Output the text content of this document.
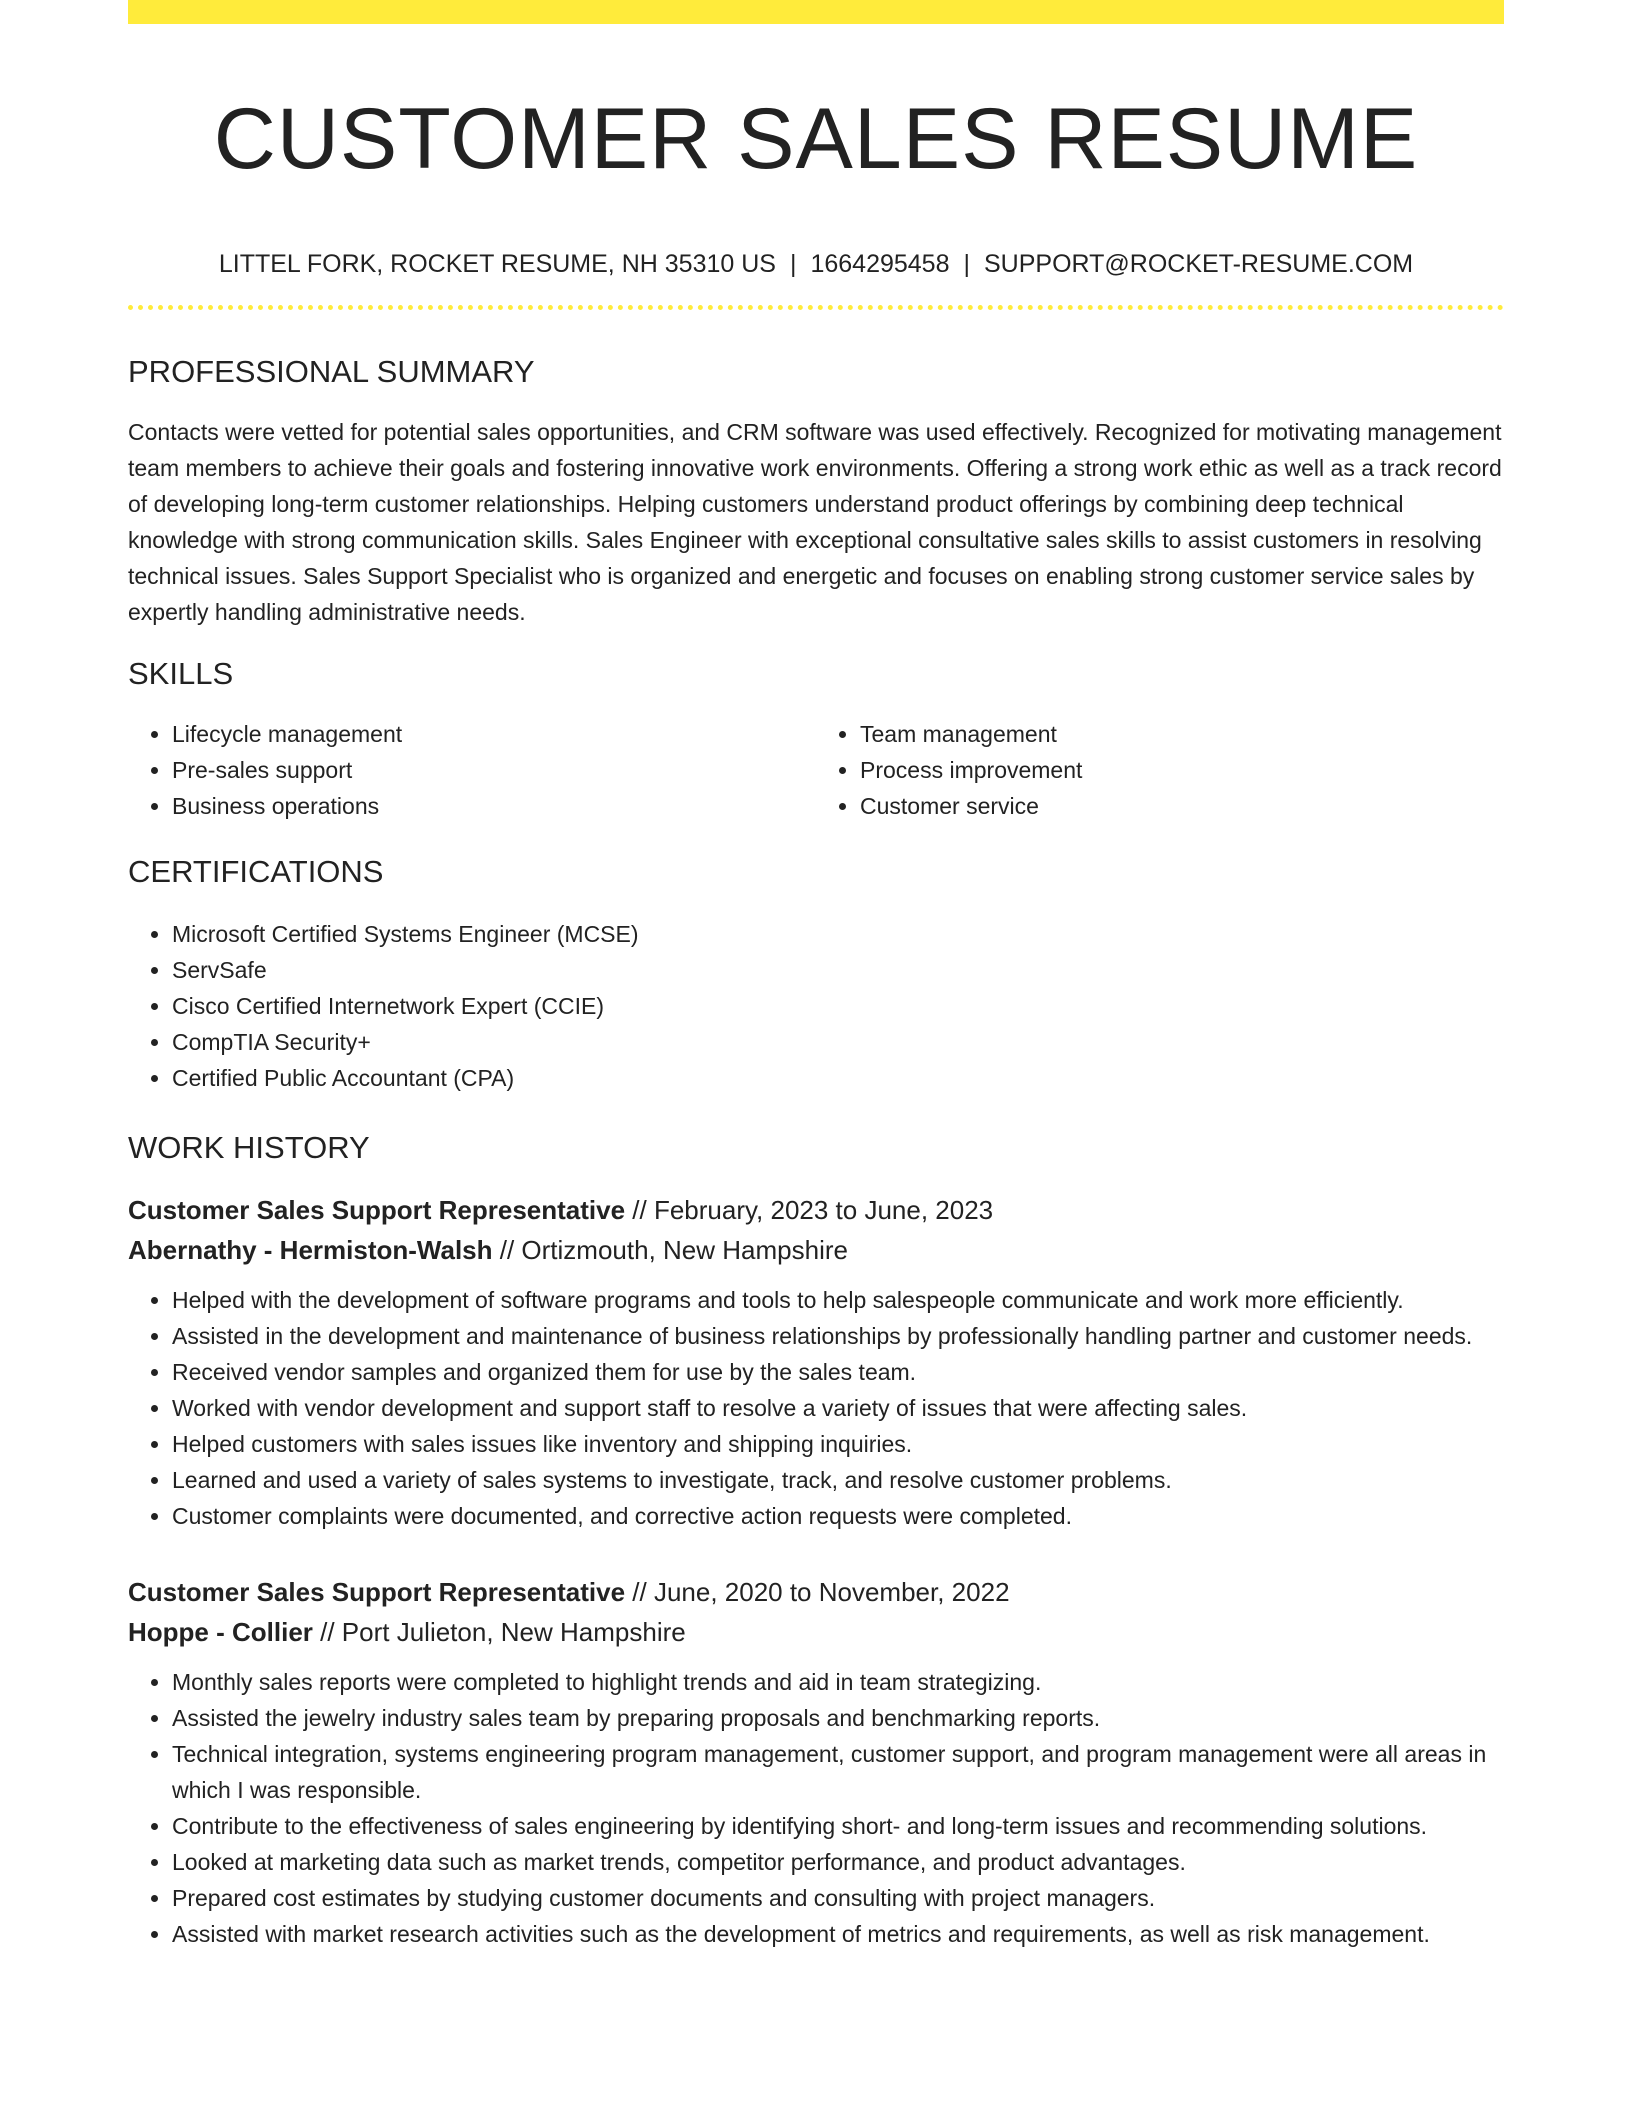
CUSTOMER SALES RESUME
LITTEL FORK, ROCKET RESUME, NH 35310 US | 1664295458 | SUPPORT@ROCKET-RESUME.COM
PROFESSIONAL SUMMARY

Contacts were vetted for potential sales opportunities, and CRM software was used effectively. Recognized for motivating management team members to achieve their goals and fostering innovative work environments. Offering a strong work ethic as well as a track record of developing long-term customer relationships. Helping customers understand product offerings by combining deep technical knowledge with strong communication skills. Sales Engineer with exceptional consultative sales skills to assist customers in resolving technical issues. Sales Support Specialist who is organized and energetic and focuses on enabling strong customer service sales by expertly handling administrative needs.

SKILLS
• Lifecycle management
• Pre-sales support
• Business operations
• Team management
• Process improvement
• Customer service
CERTIFICATIONS
• Microsoft Certified Systems Engineer (MCSE)
• ServSafe
• Cisco Certified Internetwork Expert (CCIE)
• CompTIA Security+
• Certified Public Accountant (CPA)
WORK HISTORY
Customer Sales Support Representative // February, 2023 to June, 2023
Abernathy - Hermiston-Walsh // Ortizmouth, New Hampshire
• Helped with the development of software programs and tools to help salespeople communicate and work more efficiently.
• Assisted in the development and maintenance of business relationships by professionally handling partner and customer needs.
• Received vendor samples and organized them for use by the sales team.
• Worked with vendor development and support staff to resolve a variety of issues that were affecting sales.
• Helped customers with sales issues like inventory and shipping inquiries.
• Learned and used a variety of sales systems to investigate, track, and resolve customer problems.
• Customer complaints were documented, and corrective action requests were completed.
Customer Sales Support Representative // June, 2020 to November, 2022
Hoppe - Collier // Port Julieton, New Hampshire
• Monthly sales reports were completed to highlight trends and aid in team strategizing.
• Assisted the jewelry industry sales team by preparing proposals and benchmarking reports.
• Technical integration, systems engineering program management, customer support, and program management were all areas in which I was responsible.
• Contribute to the effectiveness of sales engineering by identifying short- and long-term issues and recommending solutions.
• Looked at marketing data such as market trends, competitor performance, and product advantages.
• Prepared cost estimates by studying customer documents and consulting with project managers.
• Assisted with market research activities such as the development of metrics and requirements, as well as risk management.
